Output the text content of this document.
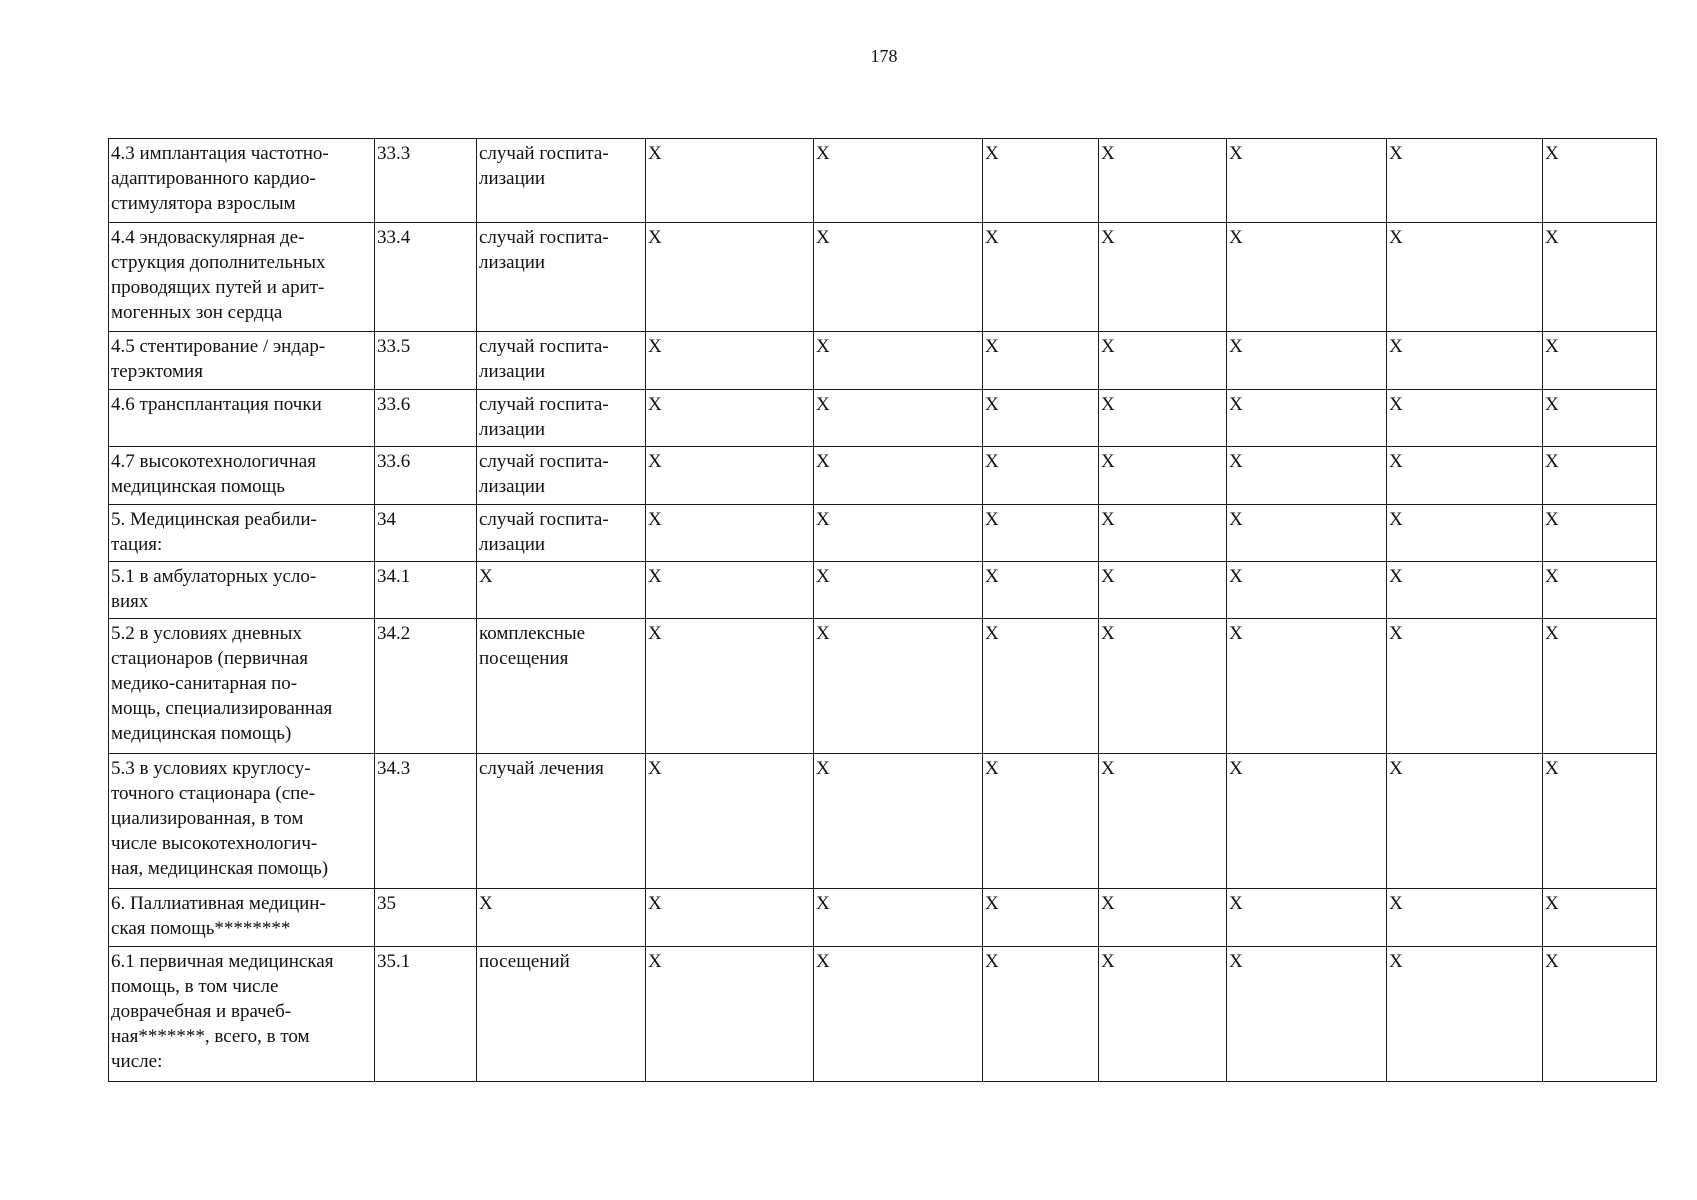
178
4.3 имплантация частотно-
адаптированного кардио-
стимулятора взрослым	33.3	случай госпита-
лизации	Х	Х	Х	Х	Х	Х	Х
4.4 эндоваскулярная де-
струкция дополнительных
проводящих путей и арит-
могенных зон сердца	33.4	случай госпита-
лизации	Х	Х	Х	Х	Х	Х	Х
4.5 стентирование / эндар-
терэктомия	33.5	случай госпита-
лизации	Х	Х	Х	Х	Х	Х	Х
4.6 трансплантация почки	33.6	случай госпита-
лизации	Х	Х	Х	Х	Х	Х	Х
4.7 высокотехнологичная
медицинская помощь	33.6	случай госпита-
лизации	Х	Х	Х	Х	Х	Х	Х
5. Медицинская реабили-
тация:	34	случай госпита-
лизации	Х	Х	Х	Х	Х	Х	Х
5.1 в амбулаторных усло-
виях	34.1	Х	Х	Х	Х	Х	Х	Х	Х
5.2 в условиях дневных
стационаров (первичная
медико-санитарная по-
мощь, специализированная
медицинская помощь)	34.2	комплексные
посещения	Х	Х	Х	Х	Х	Х	Х
5.3 в условиях круглосу-
точного стационара (спе-
циализированная, в том
числе высокотехнологич-
ная, медицинская помощь)	34.3	случай лечения	Х	Х	Х	Х	Х	Х	Х
6. Паллиативная медицин-
ская помощь********	35	Х	Х	Х	Х	Х	Х	Х	Х
6.1 первичная медицинская
помощь, в том числе
доврачебная и врачеб-
ная*******, всего, в том
числе:	35.1	посещений	Х	Х	Х	Х	Х	Х	Х
